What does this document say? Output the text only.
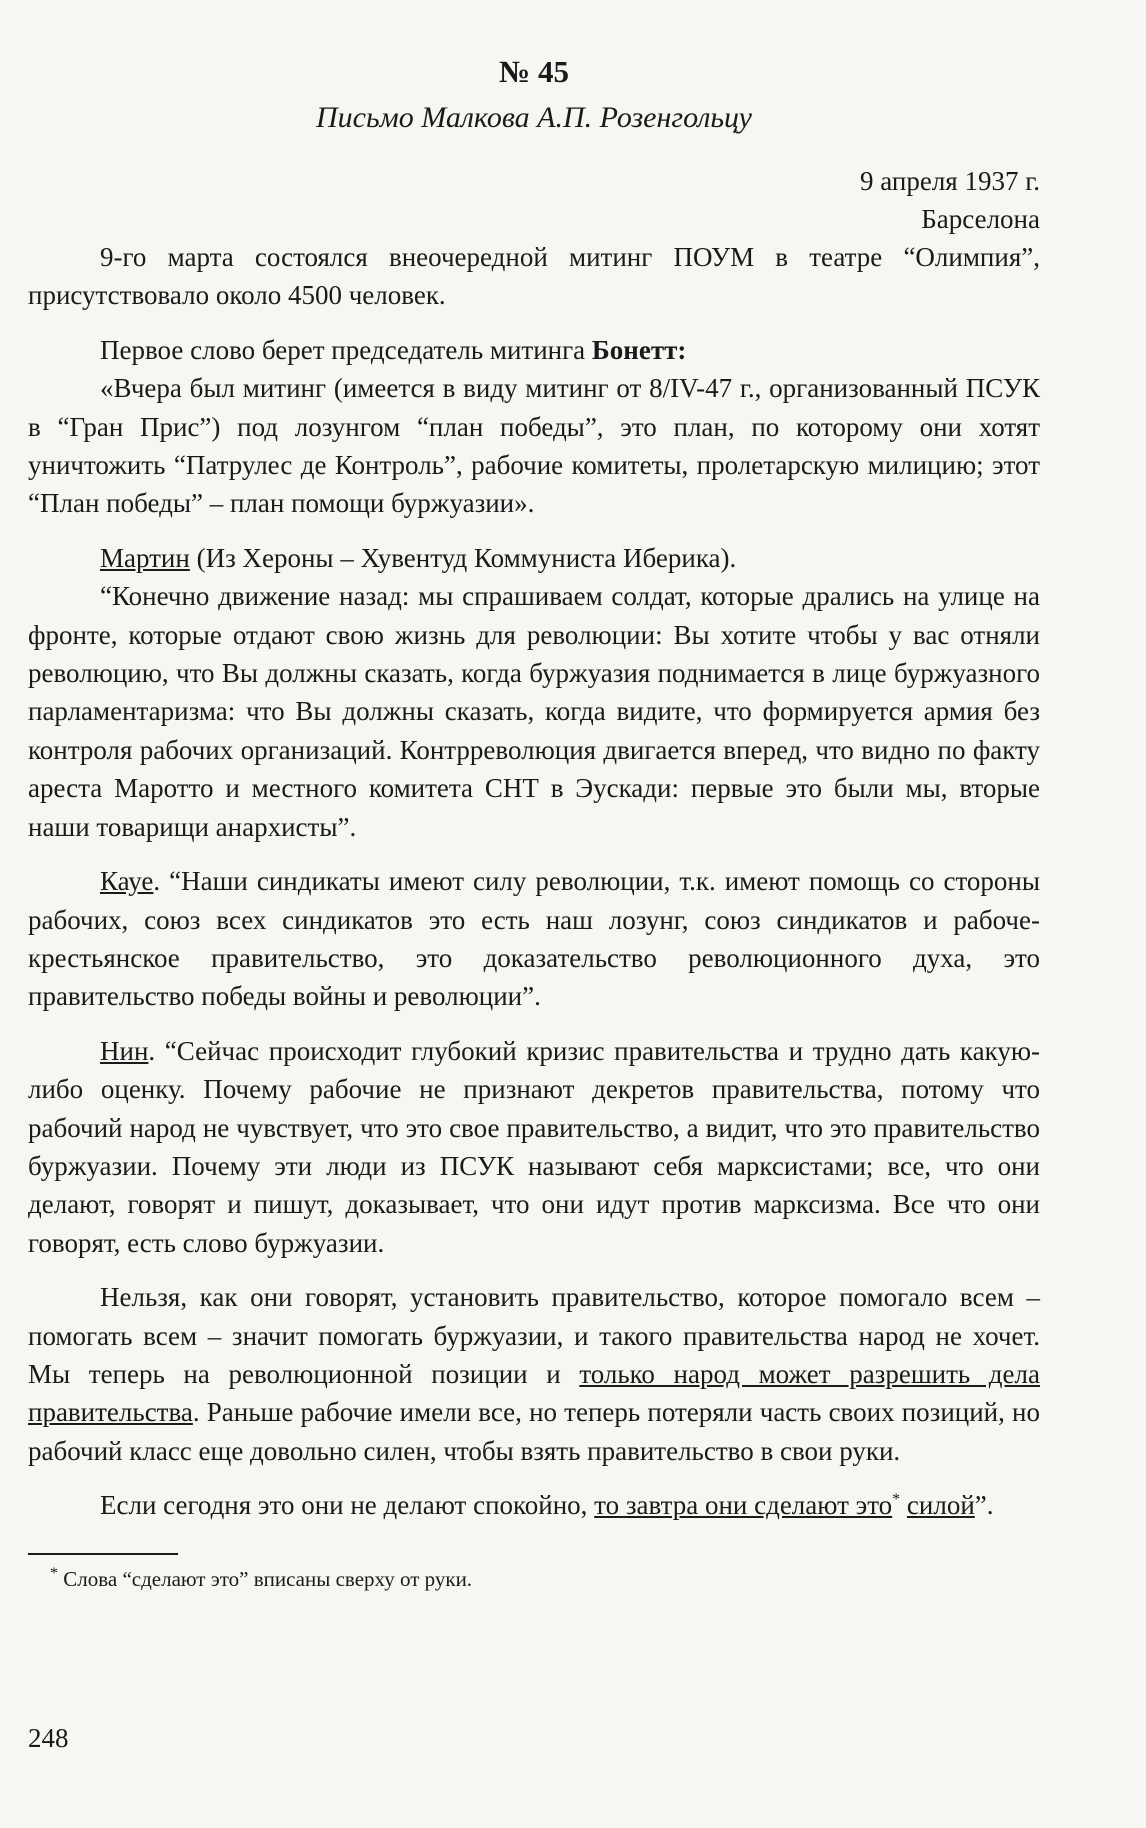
№ 45
Письмо Малкова А.П. Розенгольцу
9 апреля 1937 г.
Барселона

9-го марта состоялся внеочередной митинг ПОУМ в театре “Олимпия”, присутствовало около 4500 человек.

Первое слово берет председатель митинга Бонетт:

«Вчера был митинг (имеется в виду митинг от 8/IV-47 г., организованный ПСУК в “Гран Прис”) под лозунгом “план победы”, это план, по которому они хотят уничтожить “Патрулес де Контроль”, рабочие комитеты, пролетарскую милицию; этот “План победы” – план помощи буржуазии».

Мартин (Из Хероны – Хувентуд Коммуниста Иберика).

“Конечно движение назад: мы спрашиваем солдат, которые дрались на улице на фронте, которые отдают свою жизнь для революции: Вы хотите чтобы у вас отняли революцию, что Вы должны сказать, когда буржуазия поднимается в лице буржуазного парламентаризма: что Вы должны сказать, когда видите, что формируется армия без контроля рабочих организаций. Контрреволюция двигается вперед, что видно по факту ареста Маротто и местного комитета СНТ в Эускади: первые это были мы, вторые наши товарищи анархисты”.

Кауе. “Наши синдикаты имеют силу революции, т.к. имеют помощь со стороны рабочих, союз всех синдикатов это есть наш лозунг, союз синдикатов и рабоче-крестьянское правительство, это доказательство революционного духа, это правительство победы войны и революции”.

Нин. “Сейчас происходит глубокий кризис правительства и трудно дать какую-либо оценку. Почему рабочие не признают декретов правительства, потому что рабочий народ не чувствует, что это свое правительство, а видит, что это правительство буржуазии. Почему эти люди из ПСУК называют себя марксистами; все, что они делают, говорят и пишут, доказывает, что они идут против марксизма. Все что они говорят, есть слово буржуазии.

Нельзя, как они говорят, установить правительство, которое помогало всем – помогать всем – значит помогать буржуазии, и такого правительства народ не хочет. Мы теперь на революционной позиции и только народ может разрешить дела правительства. Раньше рабочие имели все, но теперь потеряли часть своих позиций, но рабочий класс еще довольно силен, чтобы взять правительство в свои руки.

Если сегодня это они не делают спокойно, то завтра они сделают это* силой”.

* Слова “сделают это” вписаны сверху от руки.

248
